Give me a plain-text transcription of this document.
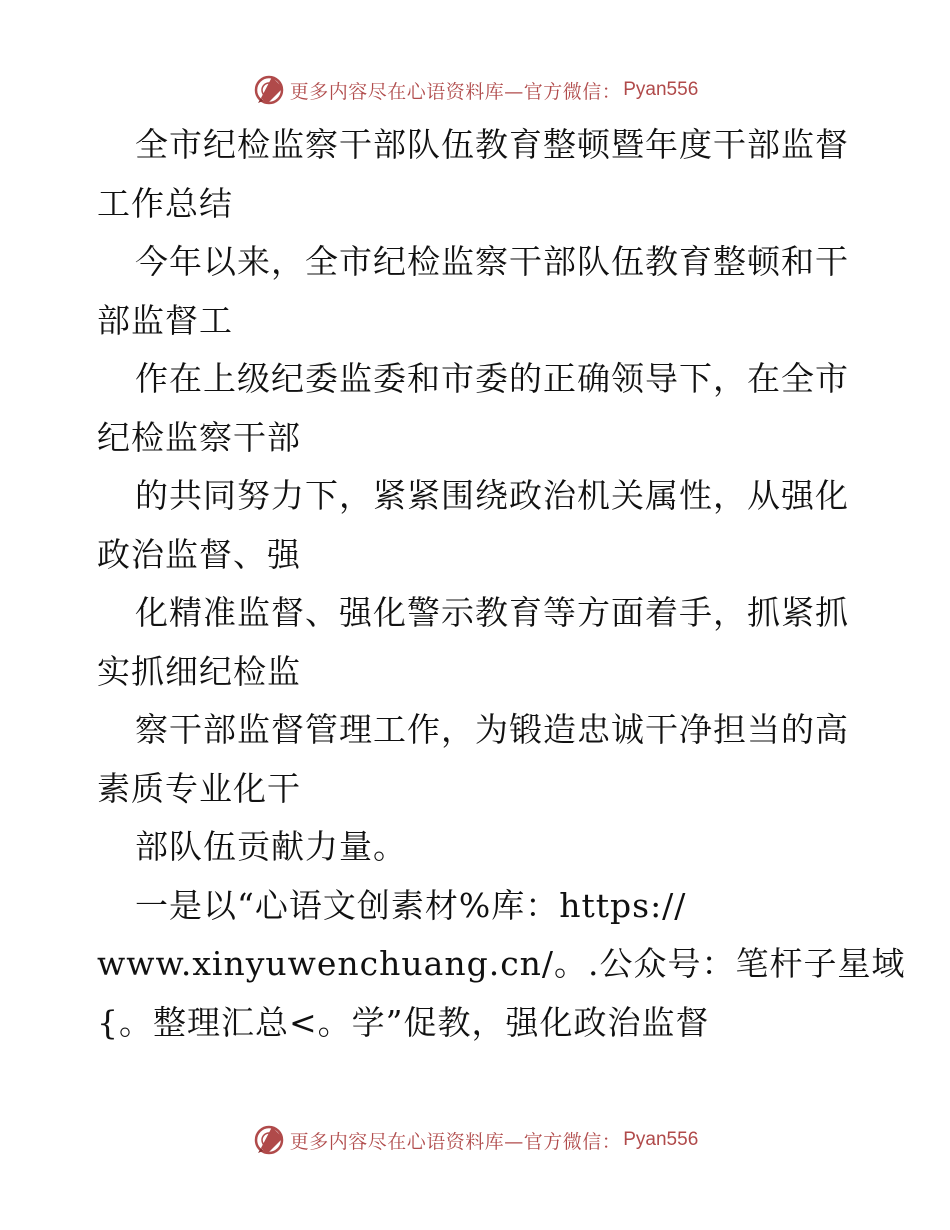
更多内容尽在心语资料库—官方微信： Pyan556
全市纪检监察干部队伍教育整顿暨年度干部监督
工作总结
今年以来，全市纪检监察干部队伍教育整顿和干
部监督工
作在上级纪委监委和市委的正确领导下，在全市
纪检监察干部
的共同努力下，紧紧围绕政治机关属性，从强化
政治监督、强
化精准监督、强化警示教育等方面着手，抓紧抓
实抓细纪检监
察干部监督管理工作，为锻造忠诚干净担当的高
素质专业化干
部队伍贡献力量。
一是以“心语文创素材%库：https://
www.xinyuwenchuang.cn/。.公众号：笔杆子星域
{。整理汇总<。学”促教，强化政治监督
更多内容尽在心语资料库—官方微信： Pyan556
